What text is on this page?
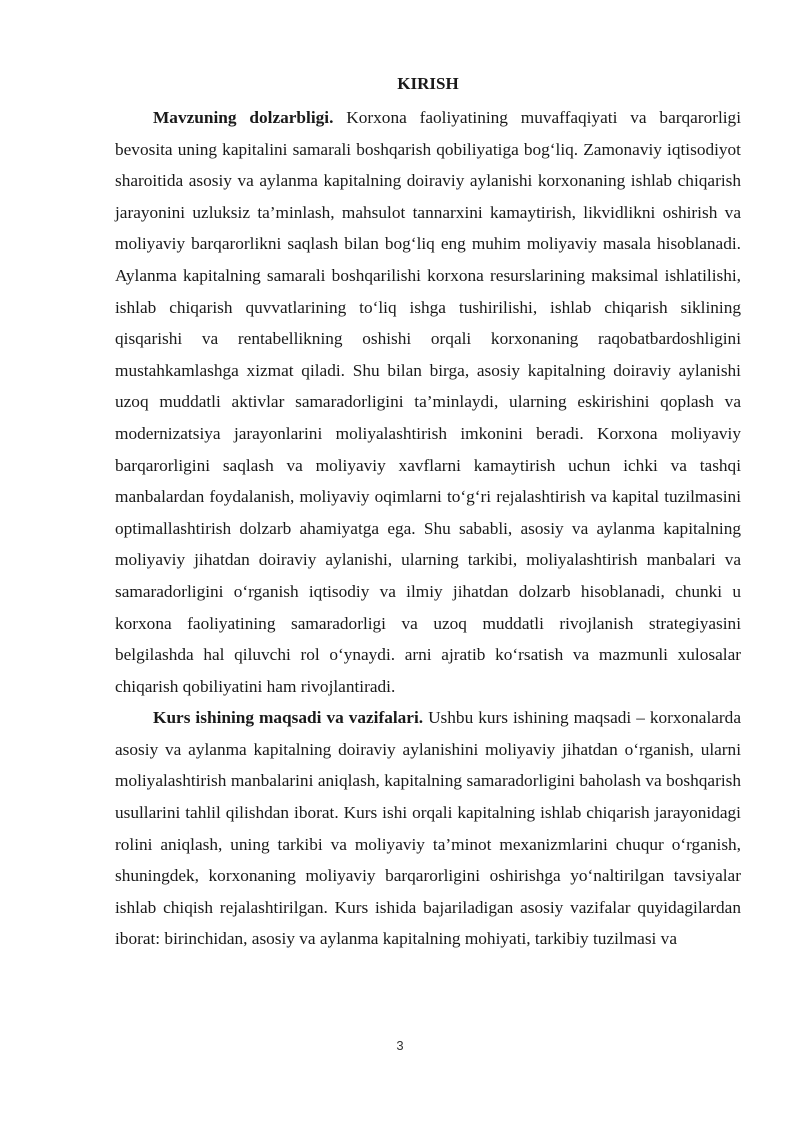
KIRISH

Mavzuning dolzarbligi. Korxona faoliyatining muvaffaqiyati va barqarorligi bevosita uning kapitalini samarali boshqarish qobiliyatiga bog‘liq. Zamonaviy iqtisodiyot sharoitida asosiy va aylanma kapitalning doiraviy aylanishi korxonaning ishlab chiqarish jarayonini uzluksiz ta’minlash, mahsulot tannarxini kamaytirish, likvidlikni oshirish va moliyaviy barqarorlikni saqlash bilan bog‘liq eng muhim moliyaviy masala hisoblanadi. Aylanma kapitalning samarali boshqarilishi korxona resurslarining maksimal ishlatilishi, ishlab chiqarish quvvatlarining to‘liq ishga tushirilishi, ishlab chiqarish siklining qisqarishi va rentabellikning oshishi orqali korxonaning raqobatbardoshligini mustahkamlashga xizmat qiladi. Shu bilan birga, asosiy kapitalning doiraviy aylanishi uzoq muddatli aktivlar samaradorligini ta’minlaydi, ularning eskirishini qoplash va modernizatsiya jarayonlarini moliyalashtirish imkonini beradi. Korxona moliyaviy barqarorligini saqlash va moliyaviy xavflarni kamaytirish uchun ichki va tashqi manbalardan foydalanish, moliyaviy oqimlarni to‘g‘ri rejalashtirish va kapital tuzilmasini optimallashtirish dolzarb ahamiyatga ega. Shu sababli, asosiy va aylanma kapitalning moliyaviy jihatdan doiraviy aylanishi, ularning tarkibi, moliyalashtirish manbalari va samaradorligini o‘rganish iqtisodiy va ilmiy jihatdan dolzarb hisoblanadi, chunki u korxona faoliyatining samaradorligi va uzoq muddatli rivojlanish strategiyasini belgilashda hal qiluvchi rol o‘ynaydi. arni ajratib ko‘rsatish va mazmunli xulosalar chiqarish qobiliyatini ham rivojlantiradi.

Kurs ishining maqsadi va vazifalari. Ushbu kurs ishining maqsadi – korxonalarda asosiy va aylanma kapitalning doiraviy aylanishini moliyaviy jihatdan o‘rganish, ularni moliyalashtirish manbalarini aniqlash, kapitalning samaradorligini baholash va boshqarish usullarini tahlil qilishdan iborat. Kurs ishi orqali kapitalning ishlab chiqarish jarayonidagi rolini aniqlash, uning tarkibi va moliyaviy ta’minot mexanizmlarini chuqur o‘rganish, shuningdek, korxonaning moliyaviy barqarorligini oshirishga yo‘naltirilgan tavsiyalar ishlab chiqish rejalashtirilgan. Kurs ishida bajariladigan asosiy vazifalar quyidagilardan iborat: birinchidan, asosiy va aylanma kapitalning mohiyati, tarkibiy tuzilmasi va

3
